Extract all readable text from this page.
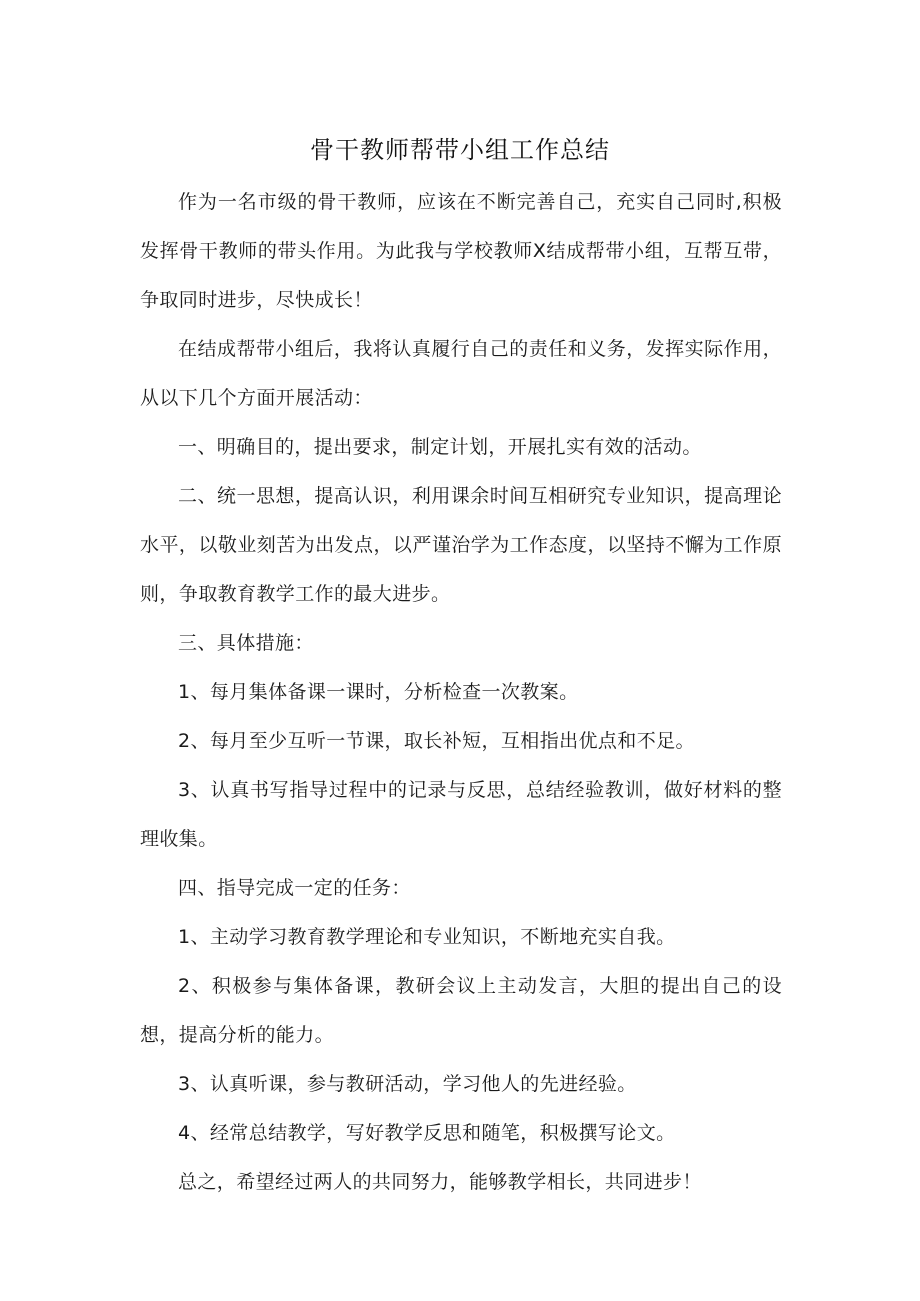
骨干教师帮带小组工作总结

作为一名市级的骨干教师，应该在不断完善自己，充实自己同时,积极发挥骨干教师的带头作用。为此我与学校教师X结成帮带小组，互帮互带，争取同时进步，尽快成长！

在结成帮带小组后，我将认真履行自己的责任和义务，发挥实际作用，从以下几个方面开展活动：

一、明确目的，提出要求，制定计划，开展扎实有效的活动。

二、统一思想，提高认识，利用课余时间互相研究专业知识，提高理论水平，以敬业刻苦为出发点，以严谨治学为工作态度，以坚持不懈为工作原则，争取教育教学工作的最大进步。

三、具体措施：

1、每月集体备课一课时，分析检查一次教案。

2、每月至少互听一节课，取长补短，互相指出优点和不足。

3、认真书写指导过程中的记录与反思，总结经验教训，做好材料的整理收集。

四、指导完成一定的任务：

1、主动学习教育教学理论和专业知识，不断地充实自我。

2、积极参与集体备课，教研会议上主动发言，大胆的提出自己的设想，提高分析的能力。

3、认真听课，参与教研活动，学习他人的先进经验。

4、经常总结教学，写好教学反思和随笔，积极撰写论文。

总之，希望经过两人的共同努力，能够教学相长，共同进步！
